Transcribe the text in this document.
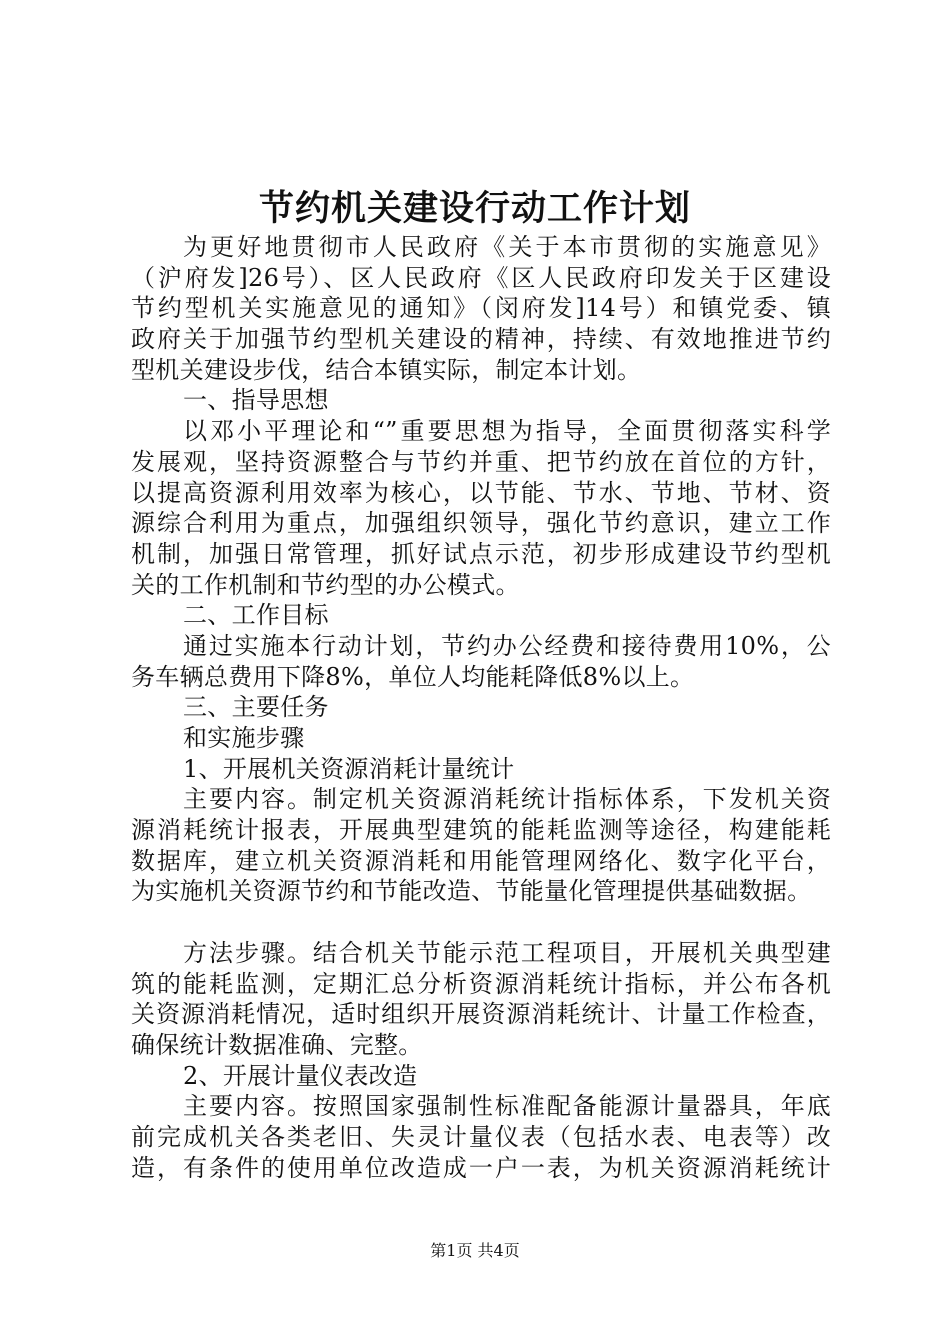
节约机关建设行动工作计划
为更好地贯彻市人民政府《关于本市贯彻的实施意见》
（沪府发]26号）、区人民政府《区人民政府印发关于区建设
节约型机关实施意见的通知》（闵府发]14号）和镇党委、镇
政府关于加强节约型机关建设的精神，持续、有效地推进节约
型机关建设步伐，结合本镇实际，制定本计划。
一、指导思想
以邓小平理论和“”重要思想为指导，全面贯彻落实科学
发展观，坚持资源整合与节约并重、把节约放在首位的方针，
以提高资源利用效率为核心，以节能、节水、节地、节材、资
源综合利用为重点，加强组织领导，强化节约意识，建立工作
机制，加强日常管理，抓好试点示范，初步形成建设节约型机
关的工作机制和节约型的办公模式。
二、工作目标
通过实施本行动计划，节约办公经费和接待费用10%，公
务车辆总费用下降8%，单位人均能耗降低8%以上。
三、主要任务
和实施步骤
1、开展机关资源消耗计量统计
主要内容。制定机关资源消耗统计指标体系，下发机关资
源消耗统计报表，开展典型建筑的能耗监测等途径，构建能耗
数据库，建立机关资源消耗和用能管理网络化、数字化平台，
为实施机关资源节约和节能改造、节能量化管理提供基础数据。
方法步骤。结合机关节能示范工程项目，开展机关典型建
筑的能耗监测，定期汇总分析资源消耗统计指标，并公布各机
关资源消耗情况，适时组织开展资源消耗统计、计量工作检查，
确保统计数据准确、完整。
2、开展计量仪表改造
主要内容。按照国家强制性标准配备能源计量器具，年底
前完成机关各类老旧、失灵计量仪表（包括水表、电表等）改
造，有条件的使用单位改造成一户一表，为机关资源消耗统计
第1页 共4页
